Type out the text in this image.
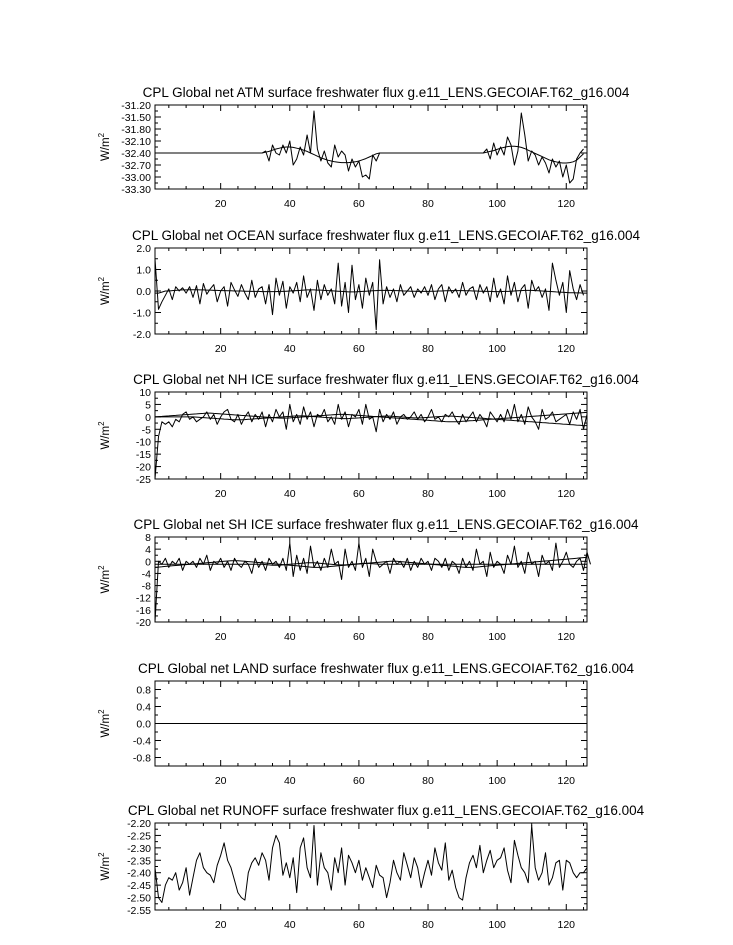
CPL Global net ATM surface freshwater flux g.e11_LENS.GECOIAF.T62_g16.004
20	40	60	80	100	120
-31.20
-31.50
-31.80
-32.10
-32.40
-32.70
-33.00
-33.30
$W/m^2$
CPL Global net OCEAN surface freshwater flux g.e11_LENS.GECOIAF.T62_g16.004
20	40	60	80	100	120
2.0
1.0
0.0
-1.0
-2.0
$W/m^2$
CPL Global net NH ICE surface freshwater flux g.e11_LENS.GECOIAF.T62_g16.004
20	40	60	80	100	120
10
5
0
-5
-10
-15
-20
-25
$W/m^2$
CPL Global net SH ICE surface freshwater flux g.e11_LENS.GECOIAF.T62_g16.004
20	40	60	80	100	120
8
4
0
-4
-8
-12
-16
-20
$W/m^2$
CPL Global net LAND surface freshwater flux g.e11_LENS.GECOIAF.T62_g16.004
20	40	60	80	100	120
0.8
0.4
0.0
-0.4
-0.8
$W/m^2$
CPL Global net RUNOFF surface freshwater flux g.e11_LENS.GECOIAF.T62_g16.004
20	40	60	80	100	120
-2.20
-2.25
-2.30
-2.35
-2.40
-2.45
-2.50
-2.55
$W/m^2$
